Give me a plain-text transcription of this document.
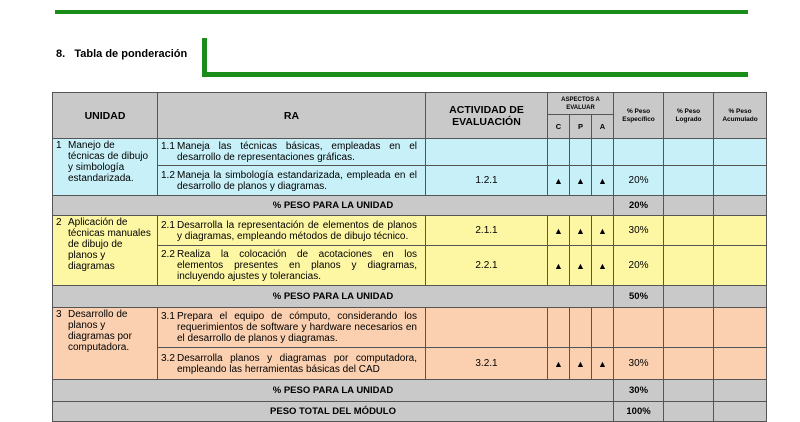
8. Tabla de ponderación
UNIDAD	RA	ACTIVIDAD DE EVALUACIÓN	ASPECTOS A EVALUAR			% Peso Específico	% Peso Logrado	% Peso Acumulado
			C	P	A			
1 Manejo de técnicas de dibujo y simbología estandarizada.	1.1 Maneja las técnicas básicas, empleadas en el desarrollo de representaciones gráficas.							
	1.2 Maneja la simbología estandarizada, empleada en el desarrollo de planos y diagramas.	1.2.1	▲	▲	▲	20%		
% PESO PARA LA UNIDAD						20%		
2 Aplicación de técnicas manuales de dibujo de planos y diagramas	2.1 Desarrolla la representación de elementos de planos y diagramas, empleando métodos de dibujo técnico.	2.1.1	▲	▲	▲	30%		
	2.2 Realiza la colocación de acotaciones en los elementos presentes en planos y diagramas, incluyendo ajustes y tolerancias.	2.2.1	▲	▲	▲	20%		
% PESO PARA LA UNIDAD						50%		
3 Desarrollo de planos y diagramas por computadora.	3.1 Prepara el equipo de cómputo, considerando los requerimientos de software y hardware necesarios en el desarrollo de planos y diagramas.							
	3.2 Desarrolla planos y diagramas por computadora, empleando las herramientas básicas del CAD	3.2.1	▲	▲	▲	30%		
% PESO PARA LA UNIDAD						30%		
PESO TOTAL DEL MÓDULO						100%		
